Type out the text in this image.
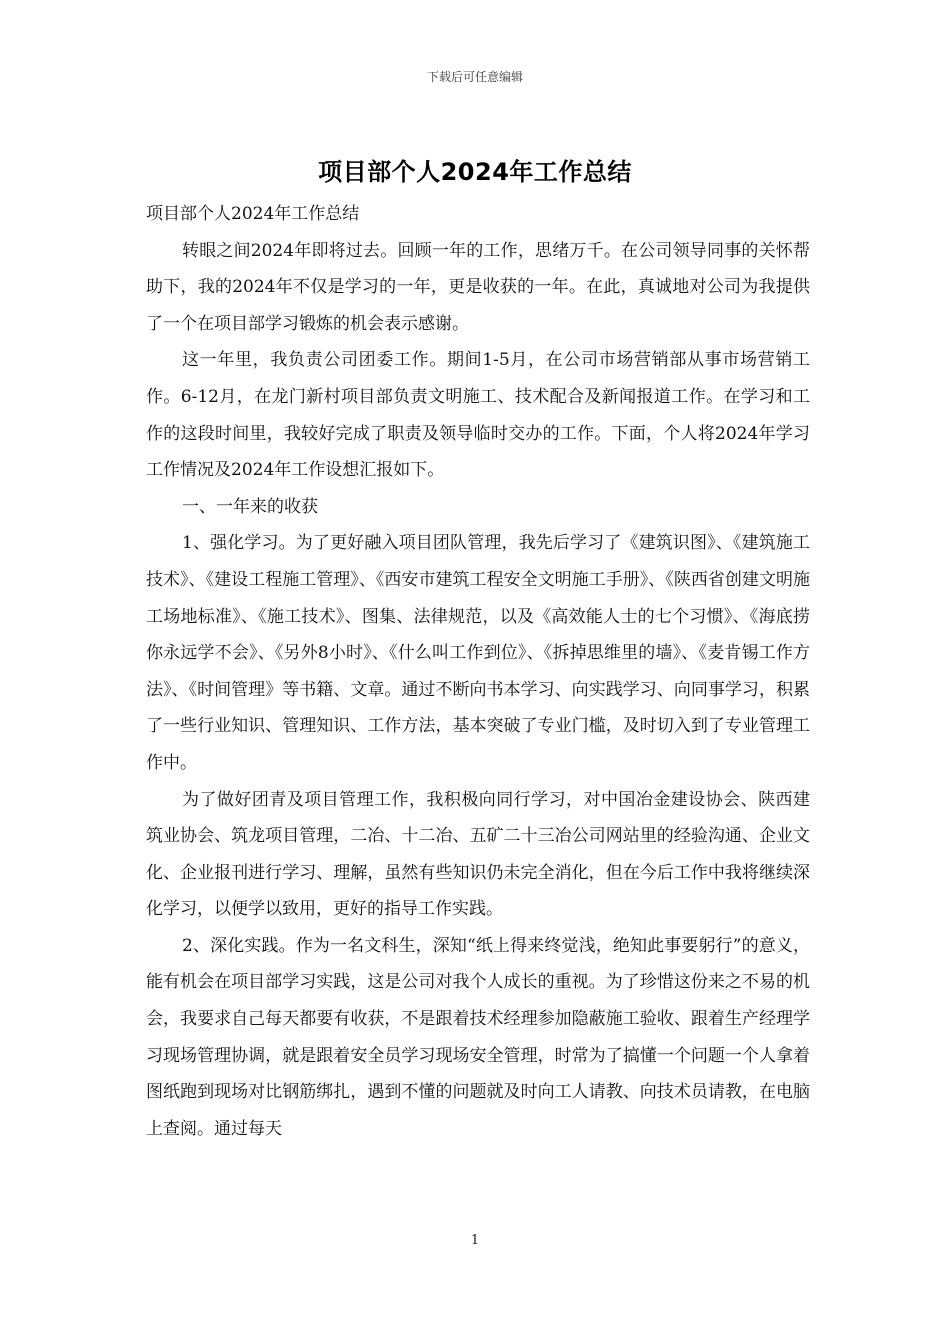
下载后可任意编辑
项目部个人2024年工作总结

项目部个人2024年工作总结

转眼之间2024年即将过去。回顾一年的工作，思绪万千。在公司领导同事的关怀帮助下，我的2024年不仅是学习的一年，更是收获的一年。在此，真诚地对公司为我提供了一个在项目部学习锻炼的机会表示感谢。

这一年里，我负责公司团委工作。期间1-5月，在公司市场营销部从事市场营销工作。6-12月，在龙门新村项目部负责文明施工、技术配合及新闻报道工作。在学习和工作的这段时间里，我较好完成了职责及领导临时交办的工作。下面，个人将2024年学习工作情况及2024年工作设想汇报如下。

一、一年来的收获

1、强化学习。为了更好融入项目团队管理，我先后学习了《建筑识图》、《建筑施工技术》、《建设工程施工管理》、《西安市建筑工程安全文明施工手册》、《陕西省创建文明施工场地标准》、《施工技术》、图集、法律规范，以及《高效能人士的七个习惯》、《海底捞你永远学不会》、《另外8小时》、《什么叫工作到位》、《拆掉思维里的墙》、《麦肯锡工作方法》、《时间管理》等书籍、文章。通过不断向书本学习、向实践学习、向同事学习，积累了一些行业知识、管理知识、工作方法，基本突破了专业门槛，及时切入到了专业管理工作中。

为了做好团青及项目管理工作，我积极向同行学习，对中国冶金建设协会、陕西建筑业协会、筑龙项目管理，二冶、十二冶、五矿二十三冶公司网站里的经验沟通、企业文化、企业报刊进行学习、理解，虽然有些知识仍未完全消化，但在今后工作中我将继续深化学习，以便学以致用，更好的指导工作实践。

2、深化实践。作为一名文科生，深知“纸上得来终觉浅，绝知此事要躬行”的意义，能有机会在项目部学习实践，这是公司对我个人成长的重视。为了珍惜这份来之不易的机会，我要求自己每天都要有收获，不是跟着技术经理参加隐蔽施工验收、跟着生产经理学习现场管理协调，就是跟着安全员学习现场安全管理，时常为了搞懂一个问题一个人拿着图纸跑到现场对比钢筋绑扎，遇到不懂的问题就及时向工人请教、向技术员请教，在电脑上查阅。通过每天

1
